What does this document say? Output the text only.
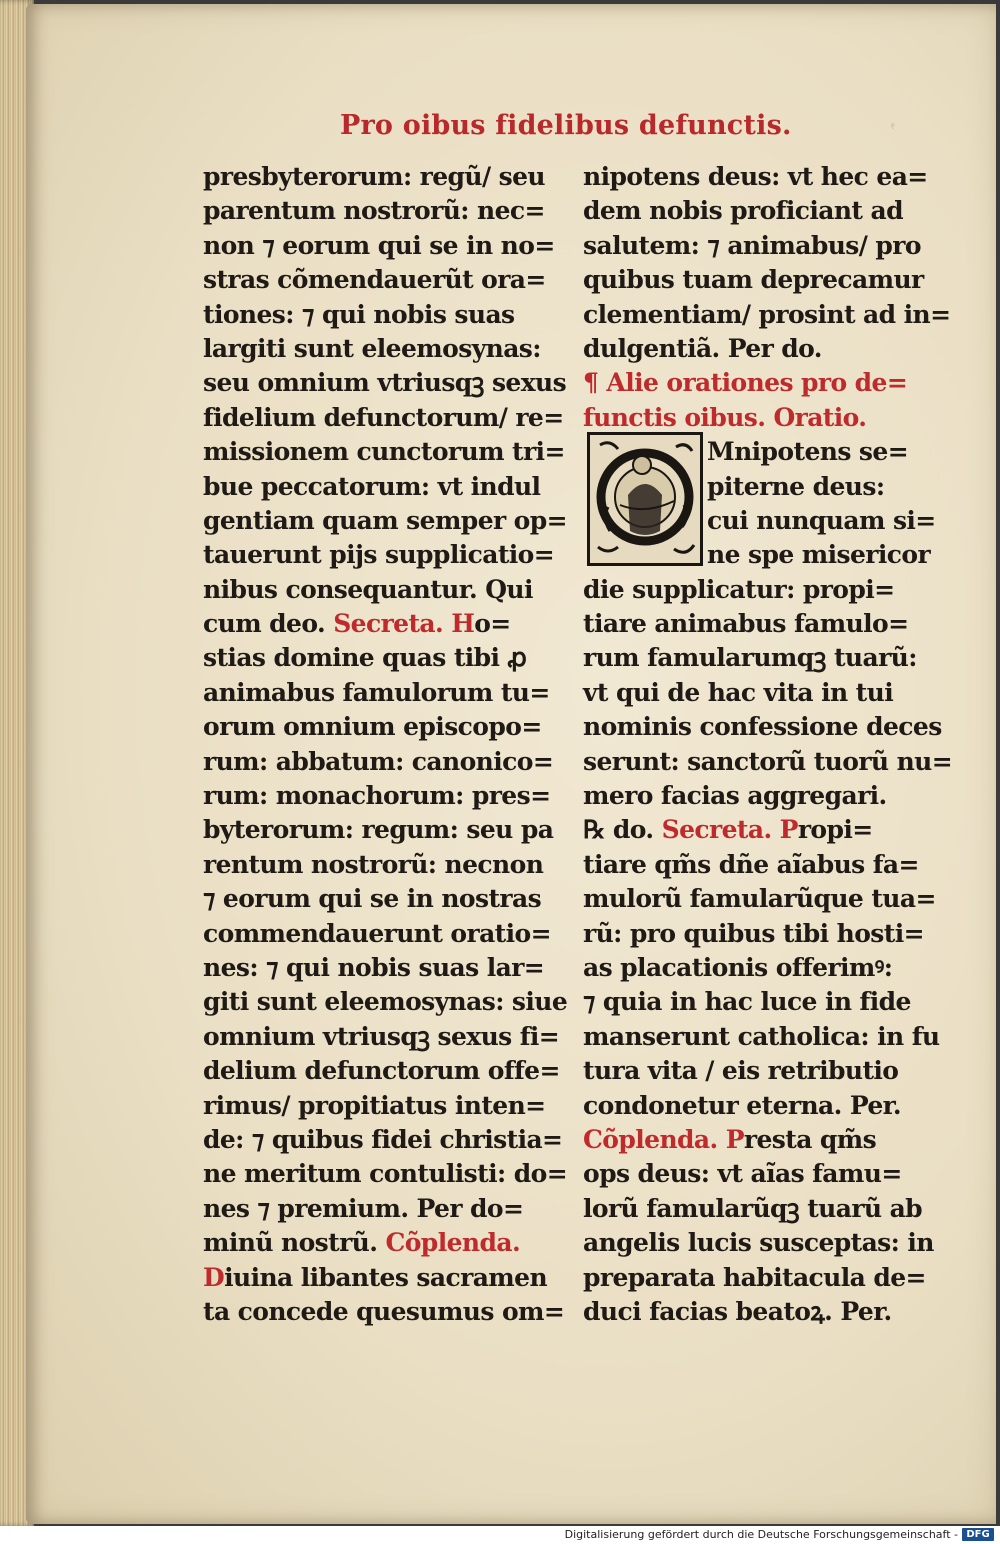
᾿
Pro oibus fidelibus defunctis.
presbyterorum: regũ/ seu
parentum nostrorũ: nec=
non ⁊ eorum qui se in no=
stras cõmendauerũt ora=
tiones: ⁊ qui nobis suas
largiti sunt eleemosynas:
seu omnium vtriusqꝫ sexus
fidelium defunctorum/ re=
missionem cunctorum tri=
bue peccatorum: vt indul
gentiam quam semper op=
tauerunt pijs supplicatio=
nibus consequantur. Qui
cum deo. Secreta. Ho=
stias domine quas tibi ꝓ
animabus famulorum tu=
orum omnium episcopo=
rum: abbatum: canonico=
rum: monachorum: pres=
byterorum: regum: seu pa
rentum nostrorũ: necnon
⁊ eorum qui se in nostras
commendauerunt oratio=
nes: ⁊ qui nobis suas lar=
giti sunt eleemosynas: siue
omnium vtriusqꝫ sexus fi=
delium defunctorum offe=
rimus/ propitiatus inten=
de: ⁊ quibus fidei christia=
ne meritum contulisti: do=
nes ⁊ premium. Per do=
minũ nostrũ. Cõplenda.
Diuina libantes sacramen
ta concede quesumus om=
nipotens deus: vt hec ea=
dem nobis proficiant ad
salutem: ⁊ animabus/ pro
quibus tuam deprecamur
clementiam/ prosint ad in=
dulgentiã. Per do.
¶ Alie orationes pro de=
functis oibus. Oratio.
Mnipotens se=
piterne deus:
cui nunquam si=
ne spe misericor
die supplicatur: propi=
tiare animabus famulo=
rum famularumqꝫ tuarũ:
vt qui de hac vita in tui
nominis confessione deces
serunt: sanctorũ tuorũ nu=
mero facias aggregari.
℞ do. Secreta. Propi=
tiare qm̃s dñe aĩabus fa=
mulorũ famularũque tua=
rũ: pro quibus tibi hosti=
as placationis offerimꝰ:
⁊ quia in hac luce in fide
manserunt catholica: in fu
tura vita / eis retributio
condonetur eterna. Per.
Cõplenda. Presta qm̃s
ops deus: vt aĩas famu=
lorũ famularũqꝫ tuarũ ab
angelis lucis susceptas: in
preparata habitacula de=
duci facias beatoꝝ. Per.
Digitalisierung gefördert durch die Deutsche Forschungsgemeinschaft - DFG
